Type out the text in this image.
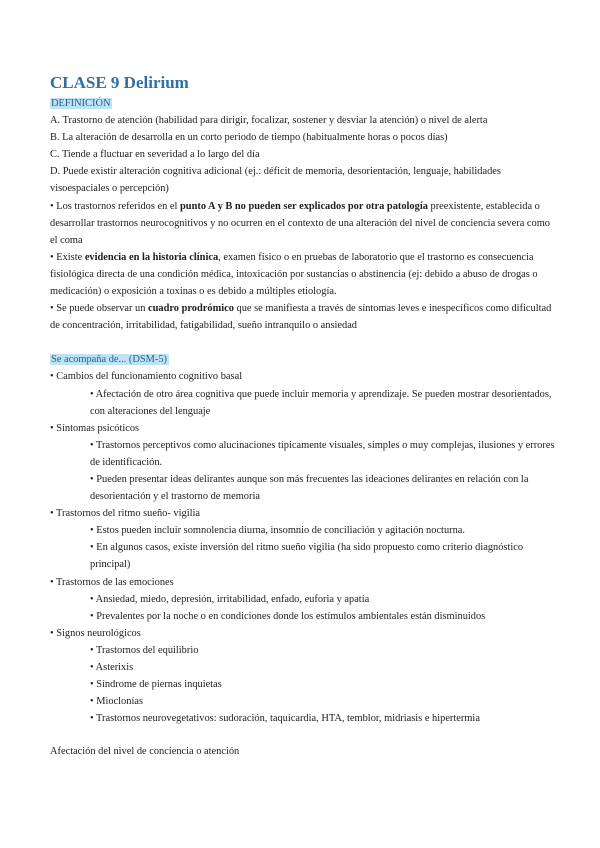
CLASE 9 Delirium

DEFINICIÓN

A. Trastorno de atención (habilidad para dirigir, focalizar, sostener y desviar la atención) o nivel de alerta

B. La alteración de desarrolla en un corto periodo de tiempo (habitualmente horas o pocos días)

C. Tiende a fluctuar en severidad a lo largo del día

D. Puede existir alteración cognitiva adicional (ej.: déficit de memoria, desorientación, lenguaje, habilidades visoespaciales o percepción)

• Los trastornos referidos en el punto A y B no pueden ser explicados por otra patología preexistente, establecida o desarrollar trastornos neurocognitivos y no ocurren en el contexto de una alteración del nivel de conciencia severa como el coma

• Existe evidencia en la historia clínica, examen físico o en pruebas de laboratorio que el trastorno es consecuencia fisiológica directa de una condición médica, intoxicación por sustancias o abstinencia (ej: debido a abuso de drogas o medicación) o exposición a toxinas o es debido a múltiples etiología.

• Se puede observar un cuadro prodrómico que se manifiesta a través de síntomas leves e inespecíficos como dificultad de concentración, irritabilidad, fatigabilidad, sueño intranquilo o ansiedad

Se acompaña de... (DSM-5)

• Cambios del funcionamiento cognitivo basal

• Afectación de otro área cognitiva que puede incluir memoria y aprendizaje. Se pueden mostrar desorientados, con alteraciones del lenguaje

• Síntomas psicóticos

• Trastornos perceptivos como alucinaciones típicamente visuales, simples o muy complejas, ilusiones y errores de identificación.

• Pueden presentar ideas delirantes aunque son más frecuentes las ideaciones delirantes en relación con la desorientación y el trastorno de memoria

• Trastornos del ritmo sueño- vigilia

• Estos pueden incluir somnolencia diurna, insomnio de conciliación y agitación nocturna.

• En algunos casos, existe inversión del ritmo sueño vigilia (ha sido propuesto como criterio diagnóstico principal)

• Trastornos de las emociones

• Ansiedad, miedo, depresión, irritabilidad, enfado, euforia y apatía

• Prevalentes por la noche o en condiciones donde los estímulos ambientales están disminuidos

• Signos neurológicos

• Trastornos del equilibrio

• Asterixis

• Síndrome de piernas inquietas

• Mioclonías

• Trastornos neurovegetativos: sudoración, taquicardia, HTA, temblor, midriasis e hipertermia

Afectación del nivel de conciencia o atención
